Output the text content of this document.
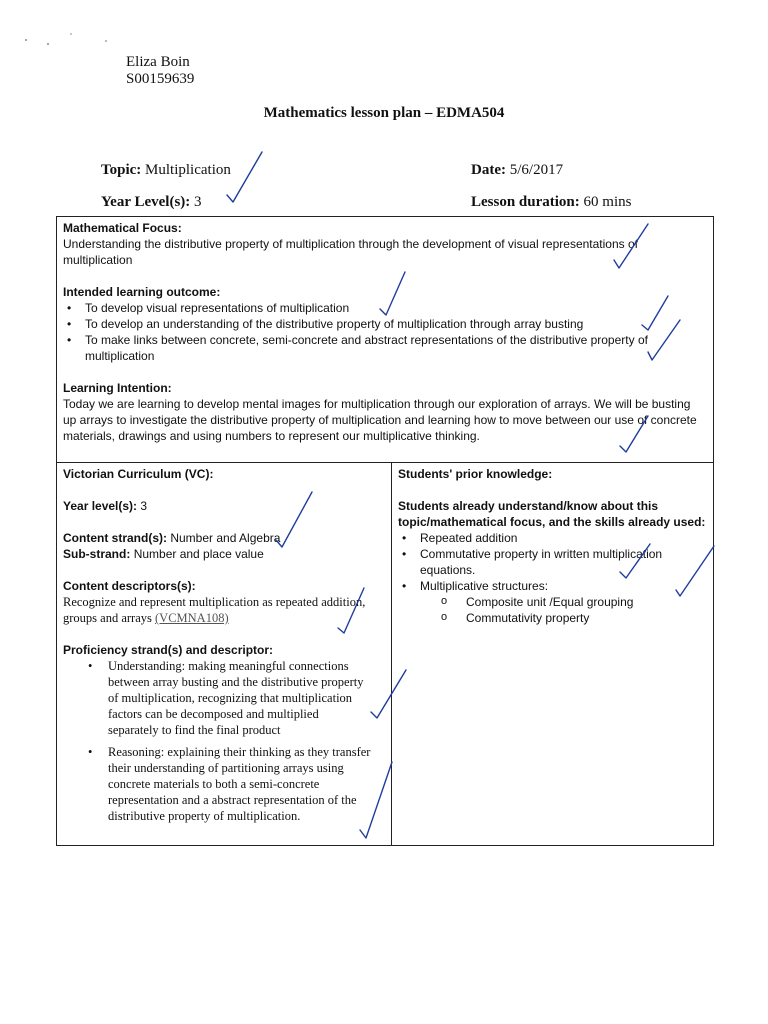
Eliza Boin
S00159639
Mathematics lesson plan – EDMA504
Topic: Multiplication
Year Level(s): 3
Date: 5/6/2017
Lesson duration: 60 mins
Mathematical Focus:
Understanding the distributive property of multiplication through the development of visual representations of multiplication
Intended learning outcome:
• To develop visual representations of multiplication
• To develop an understanding of the distributive property of multiplication through array busting
• To make links between concrete, semi-concrete and abstract representations of the distributive property of multiplication
Learning Intention:
Today we are learning to develop mental images for multiplication through our exploration of arrays. We will be busting up arrays to investigate the distributive property of multiplication and learning how to move between our use of concrete materials, drawings and using numbers to represent our multiplicative thinking.
Victorian Curriculum (VC):
Year level(s): 3
Content strand(s): Number and Algebra
Sub-strand: Number and place value
Content descriptors(s):
Recognize and represent multiplication as repeated addition, groups and arrays (VCMNA108)
Proficiency strand(s) and descriptor:
• Understanding: making meaningful connections between array busting and the distributive property of multiplication, recognizing that multiplication factors can be decomposed and multiplied separately to find the final product
• Reasoning: explaining their thinking as they transfer their understanding of partitioning arrays using concrete materials to both a semi-concrete representation and a abstract representation of the distributive property of multiplication.
Students' prior knowledge:
Students already understand/know about this topic/mathematical focus, and the skills already used:
• Repeated addition
• Commutative property in written multiplication equations.
• Multiplicative structures:
o Composite unit /Equal grouping
o Commutativity property
